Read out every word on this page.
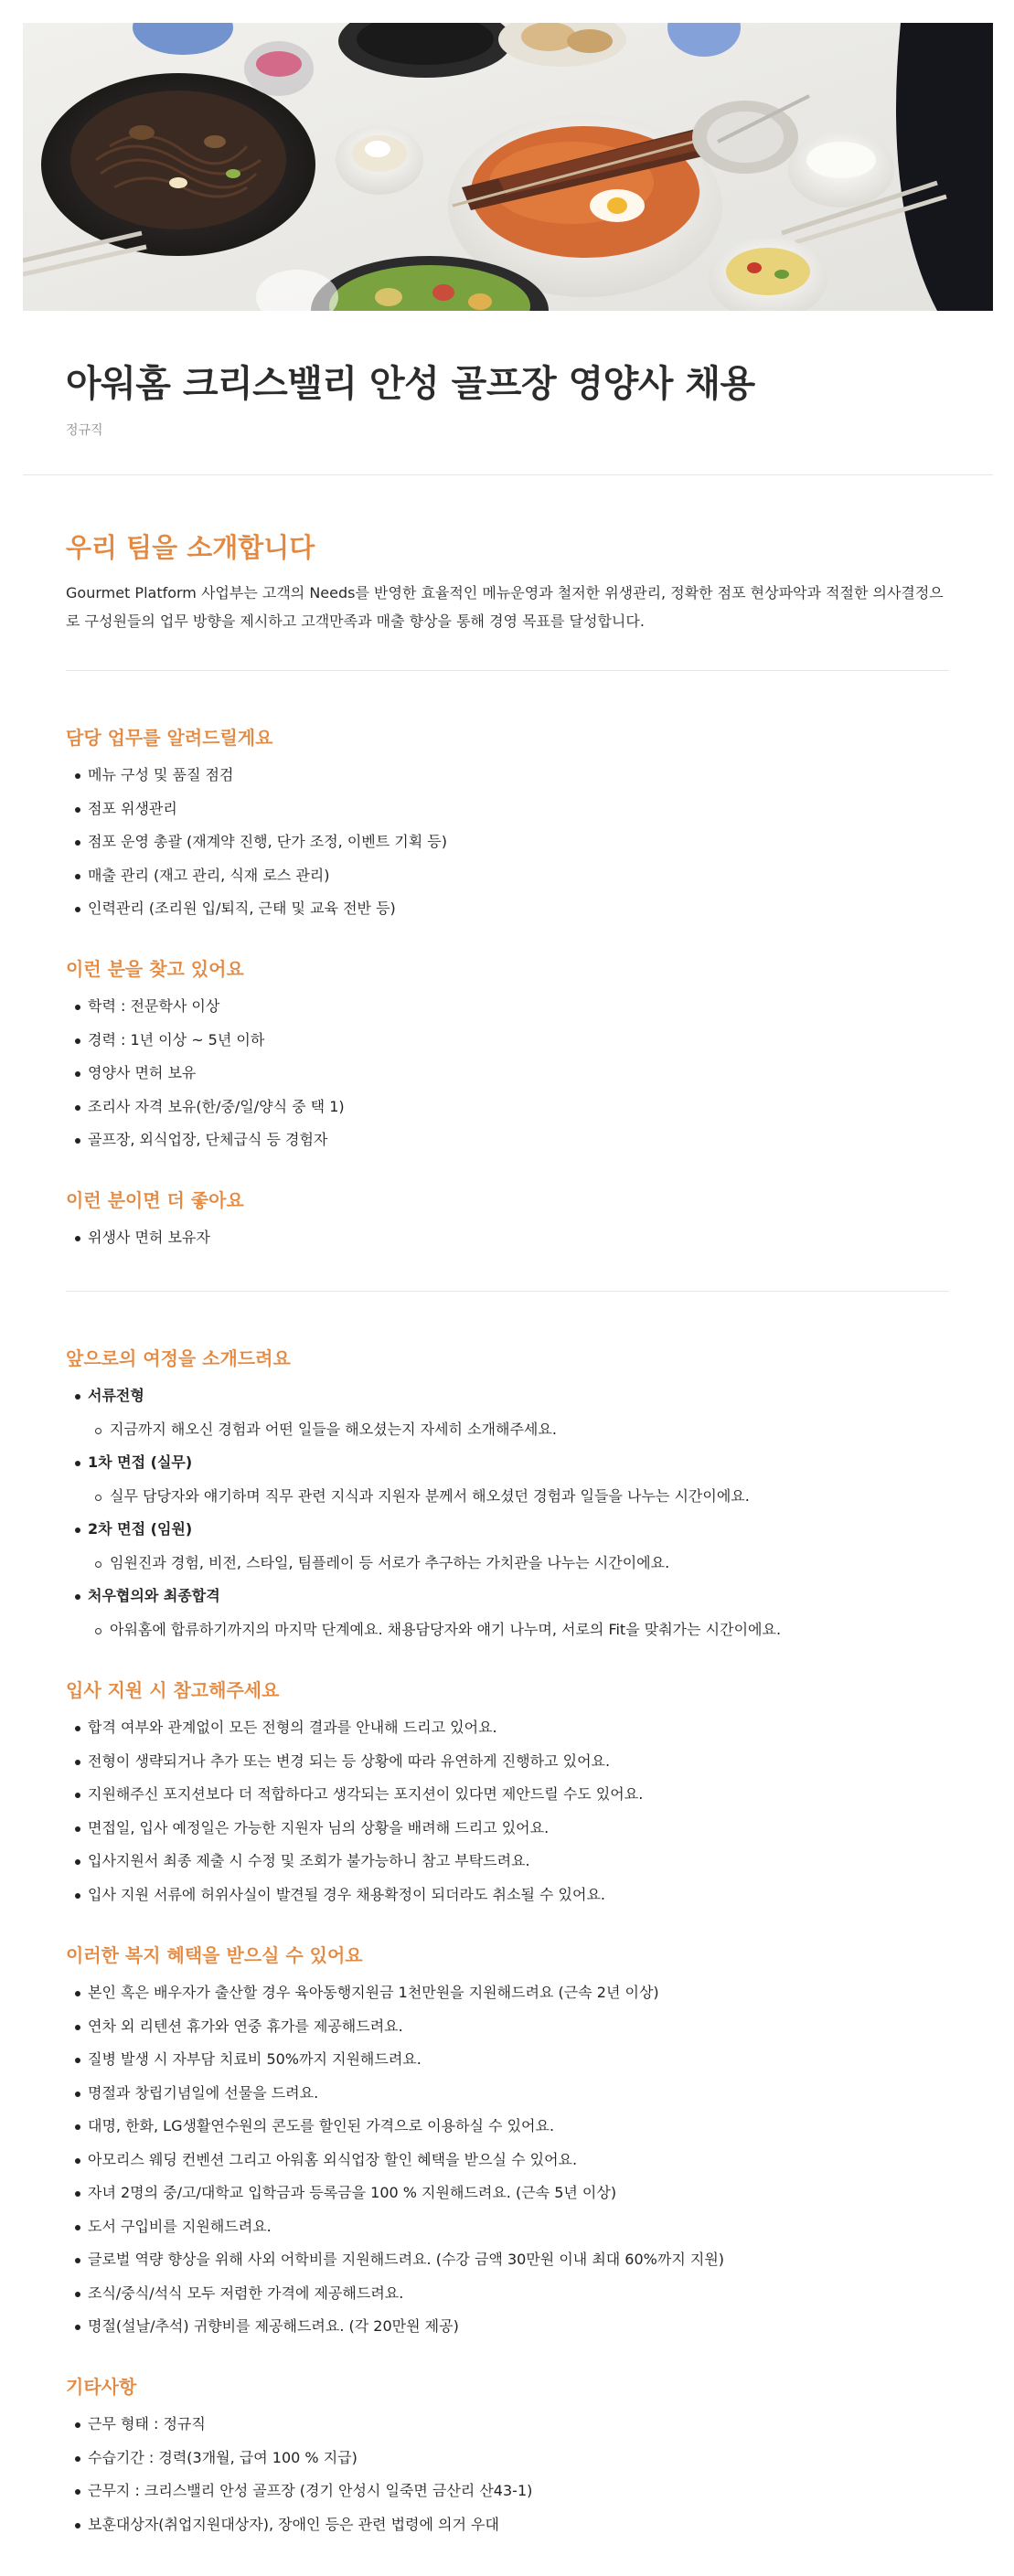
아워홈 크리스밸리 안성 골프장 영양사 채용
정규직
우리 팀을 소개합니다

Gourmet Platform 사업부는 고객의 Needs를 반영한 효율적인 메뉴운영과 철저한 위생관리, 정확한 점포 현상파악과 적절한 의사결정으로 구성원들의 업무 방향을 제시하고 고객만족과 매출 향상을 통해 경영 목표를 달성합니다.

담당 업무를 알려드릴게요
메뉴 구성 및 품질 점검
점포 위생관리
점포 운영 총괄 (재계약 진행, 단가 조정, 이벤트 기획 등)
매출 관리 (재고 관리, 식재 로스 관리)
인력관리 (조리원 입/퇴직, 근태 및 교육 전반 등)
이런 분을 찾고 있어요
학력 : 전문학사 이상
경력 : 1년 이상 ~ 5년 이하
영양사 면허 보유
조리사 자격 보유(한/중/일/양식 중 택 1)
골프장, 외식업장, 단체급식 등 경험자
이런 분이면 더 좋아요
위생사 면허 보유자
앞으로의 여정을 소개드려요
서류전형
지금까지 해오신 경험과 어떤 일들을 해오셨는지 자세히 소개해주세요.
1차 면접 (실무)
실무 담당자와 얘기하며 직무 관련 지식과 지원자 분께서 해오셨던 경험과 일들을 나누는 시간이에요.
2차 면접 (임원)
임원진과 경험, 비전, 스타일, 팀플레이 등 서로가 추구하는 가치관을 나누는 시간이에요.
처우협의와 최종합격
아워홈에 합류하기까지의 마지막 단계예요. 채용담당자와 얘기 나누며, 서로의 Fit을 맞춰가는 시간이에요.
입사 지원 시 참고해주세요
합격 여부와 관계없이 모든 전형의 결과를 안내해 드리고 있어요.
전형이 생략되거나 추가 또는 변경 되는 등 상황에 따라 유연하게 진행하고 있어요.
지원해주신 포지션보다 더 적합하다고 생각되는 포지션이 있다면 제안드릴 수도 있어요.
면접일, 입사 예정일은 가능한 지원자 님의 상황을 배려해 드리고 있어요.
입사지원서 최종 제출 시 수정 및 조회가 불가능하니 참고 부탁드려요.
입사 지원 서류에 허위사실이 발견될 경우 채용확정이 되더라도 취소될 수 있어요.
이러한 복지 혜택을 받으실 수 있어요
본인 혹은 배우자가 출산할 경우 육아동행지원금 1천만원을 지원해드려요 (근속 2년 이상)
연차 외 리텐션 휴가와 연중 휴가를 제공해드려요.
질병 발생 시 자부담 치료비 50%까지 지원해드려요.
명절과 창립기념일에 선물을 드려요.
대명, 한화, LG생활연수원의 콘도를 할인된 가격으로 이용하실 수 있어요.
아모리스 웨딩 컨벤션 그리고 아워홈 외식업장 할인 혜택을 받으실 수 있어요.
자녀 2명의 중/고/대학교 입학금과 등록금을 100 % 지원해드려요. (근속 5년 이상)
도서 구입비를 지원해드려요.
글로벌 역량 향상을 위해 사외 어학비를 지원해드려요. (수강 금액 30만원 이내 최대 60%까지 지원)
조식/중식/석식 모두 저렴한 가격에 제공해드려요.
명절(설날/추석) 귀향비를 제공해드려요. (각 20만원 제공)
기타사항
근무 형태 : 정규직
수습기간 : 경력(3개월, 급여 100 % 지급)
근무지 : 크리스밸리 안성 골프장 (경기 안성시 일죽면 금산리 산43-1)
보훈대상자(취업지원대상자), 장애인 등은 관련 법령에 의거 우대
